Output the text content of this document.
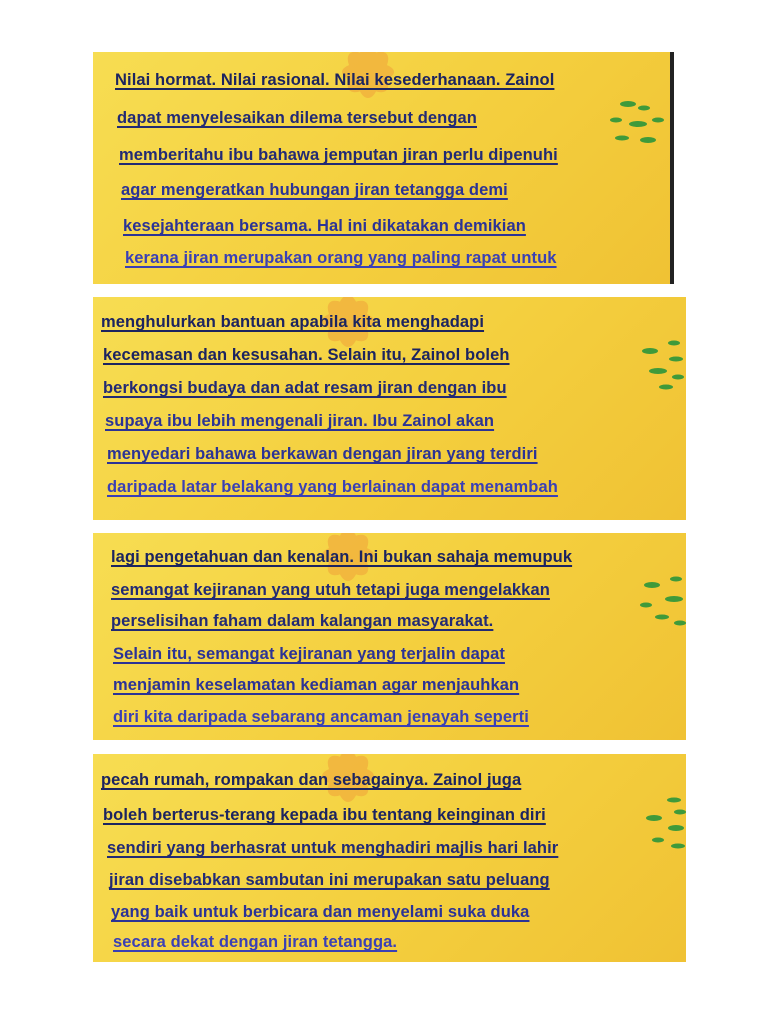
Nilai hormat. Nilai rasional. Nilai kesederhanaan. Zainol

dapat menyelesaikan dilema tersebut dengan

memberitahu ibu bahawa jemputan jiran perlu dipenuhi

agar mengeratkan hubungan jiran tetangga demi

kesejahteraan bersama. Hal ini dikatakan demikian

kerana jiran merupakan orang yang paling rapat untuk

menghulurkan bantuan apabila kita menghadapi

kecemasan dan kesusahan. Selain itu, Zainol boleh

berkongsi budaya dan adat resam jiran dengan ibu

supaya ibu lebih mengenali jiran. Ibu Zainol akan

menyedari bahawa berkawan dengan jiran yang terdiri

daripada latar belakang yang berlainan dapat menambah

lagi pengetahuan dan kenalan. Ini bukan sahaja memupuk

semangat kejiranan yang utuh tetapi juga mengelakkan

perselisihan faham dalam kalangan masyarakat.

Selain itu, semangat kejiranan yang terjalin dapat

menjamin keselamatan kediaman agar menjauhkan

diri kita daripada sebarang ancaman jenayah seperti

pecah rumah, rompakan dan sebagainya. Zainol juga

boleh berterus-terang kepada ibu tentang keinginan diri

sendiri yang berhasrat untuk menghadiri majlis hari lahir

jiran disebabkan sambutan ini merupakan satu peluang

yang baik untuk berbicara dan menyelami suka duka

secara dekat dengan jiran tetangga.
